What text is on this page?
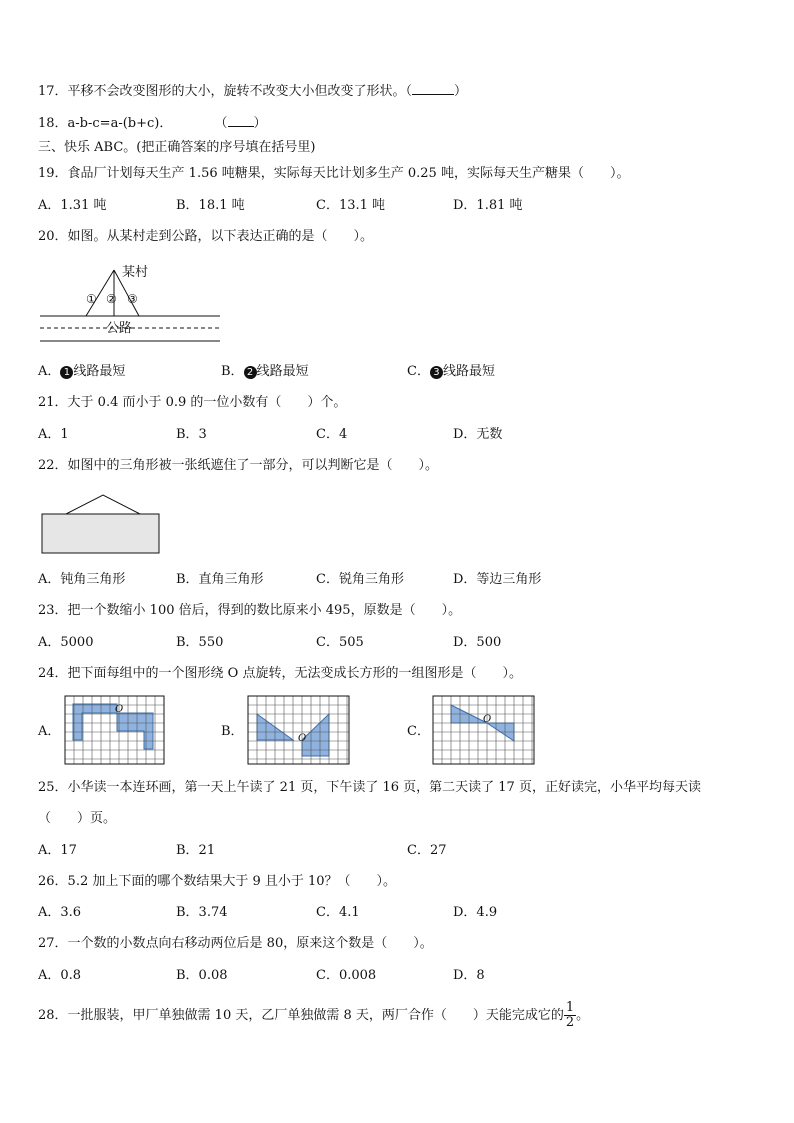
17．平移不会改变图形的大小，旋转不改变大小但改变了形状。（	）
18．a-b-c=a-(b+c)．	（ ）
三、快乐 ABC。(把正确答案的序号填在括号里)
19．食品厂计划每天生产 1.56 吨糖果，实际每天比计划多生产 0.25 吨，实际每天生产糖果（　　）。
A．1.31 吨	B．18.1 吨	C．13.1 吨	D．1.81 吨
20．如图。从某村走到公路，以下表达正确的是（　　）。
某村
① ② ③
公路
A． 1 线路最短	B． 2 线路最短	C． 3 线路最短
21．大于 0.4 而小于 0.9 的一位小数有（　　）个。
A．1	B．3	C．4	D．无数
22．如图中的三角形被一张纸遮住了一部分，可以判断它是（　　）。
A．钝角三角形	B．直角三角形	C．锐角三角形	D．等边三角形
23．把一个数缩小 100 倍后，得到的数比原来小 495，原数是（　　）。
A．5000	B．550	C．505	D．500
24．把下面每组中的一个图形绕 O 点旋转，无法变成长方形的一组图形是（　　）。
A．	B．	C．
O
O
O
25．小华读一本连环画，第一天上午读了 21 页，下午读了 16 页，第二天读了 17 页，正好读完，小华平均每天读
（　　）页。
A．17	B．21	C．27
26．5.2 加上下面的哪个数结果大于 9 且小于 10？（　　）。
A．3.6	B．3.74	C．4.1	D．4.9
27．一个数的小数点向右移动两位后是 80，原来这个数是（　　）。
A．0.8	B．0.08	C．0.008	D．8
28．一批服装，甲厂单独做需 10 天，乙厂单独做需 8 天，两厂合作（　　）天能完成它的 $\frac{1}{2}$ 。
